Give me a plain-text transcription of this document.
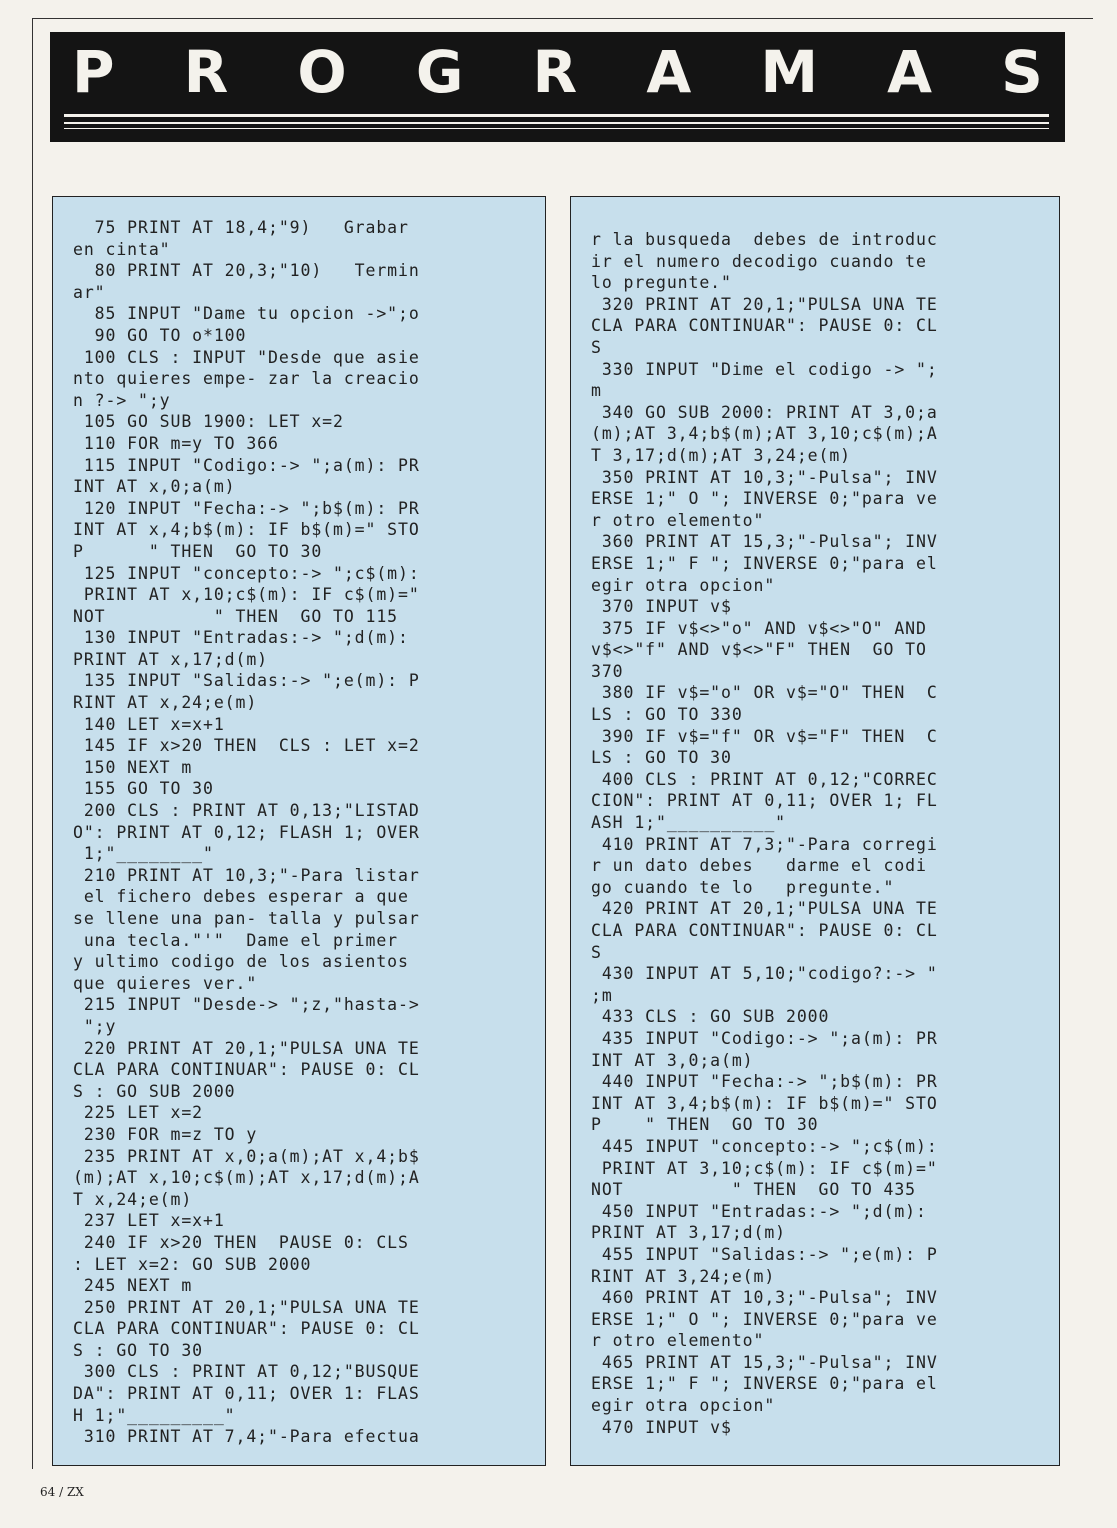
P R O G R A M A S
75 PRINT AT 18,4;"9)   Grabar
en cinta"
80 PRINT AT 20,3;"10)   Termin
ar"
85 INPUT "Dame tu opcion ->";o
90 GO TO o*100
100 CLS : INPUT "Desde que asie
nto quieres empe- zar la creacio
n ?-> ";y
105 GO SUB 1900: LET x=2
110 FOR m=y TO 366
115 INPUT "Codigo:-> ";a(m): PR
INT AT x,0;a(m)
120 INPUT "Fecha:-> ";b$(m): PR
INT AT x,4;b$(m): IF b$(m)=" STO
P      " THEN  GO TO 30
125 INPUT "concepto:-> ";c$(m):
PRINT AT x,10;c$(m): IF c$(m)="
NOT          " THEN  GO TO 115
130 INPUT "Entradas:-> ";d(m):
PRINT AT x,17;d(m)
135 INPUT "Salidas:-> ";e(m): P
RINT AT x,24;e(m)
140 LET x=x+1
145 IF x>20 THEN  CLS : LET x=2
150 NEXT m
155 GO TO 30
200 CLS : PRINT AT 0,13;"LISTAD
O": PRINT AT 0,12; FLASH 1; OVER
1;"________"
210 PRINT AT 10,3;"-Para listar
el fichero debes esperar a que
se llene una pan- talla y pulsar
una tecla."'"  Dame el primer
y ultimo codigo de los asientos
que quieres ver."
215 INPUT "Desde-> ";z,"hasta->
";y
220 PRINT AT 20,1;"PULSA UNA TE
CLA PARA CONTINUAR": PAUSE 0: CL
S : GO SUB 2000
225 LET x=2
230 FOR m=z TO y
235 PRINT AT x,0;a(m);AT x,4;b$
(m);AT x,10;c$(m);AT x,17;d(m);A
T x,24;e(m)
237 LET x=x+1
240 IF x>20 THEN  PAUSE 0: CLS
: LET x=2: GO SUB 2000
245 NEXT m
250 PRINT AT 20,1;"PULSA UNA TE
CLA PARA CONTINUAR": PAUSE 0: CL
S : GO TO 30
300 CLS : PRINT AT 0,12;"BUSQUE
DA": PRINT AT 0,11; OVER 1: FLAS
H 1;"_________"
310 PRINT AT 7,4;"-Para efectua
r la busqueda  debes de introduc
ir el numero decodigo cuando te
lo pregunte."
320 PRINT AT 20,1;"PULSA UNA TE
CLA PARA CONTINUAR": PAUSE 0: CL
S
330 INPUT "Dime el codigo -> ";
m
340 GO SUB 2000: PRINT AT 3,0;a
(m);AT 3,4;b$(m);AT 3,10;c$(m);A
T 3,17;d(m);AT 3,24;e(m)
350 PRINT AT 10,3;"-Pulsa"; INV
ERSE 1;" O "; INVERSE 0;"para ve
r otro elemento"
360 PRINT AT 15,3;"-Pulsa"; INV
ERSE 1;" F "; INVERSE 0;"para el
egir otra opcion"
370 INPUT v$
375 IF v$<>"o" AND v$<>"O" AND
v$<>"f" AND v$<>"F" THEN  GO TO
370
380 IF v$="o" OR v$="O" THEN  C
LS : GO TO 330
390 IF v$="f" OR v$="F" THEN  C
LS : GO TO 30
400 CLS : PRINT AT 0,12;"CORREC
CION": PRINT AT 0,11; OVER 1; FL
ASH 1;"__________"
410 PRINT AT 7,3;"-Para corregi
r un dato debes   darme el codi
go cuando te lo   pregunte."
420 PRINT AT 20,1;"PULSA UNA TE
CLA PARA CONTINUAR": PAUSE 0: CL
S
430 INPUT AT 5,10;"codigo?:-> "
;m
433 CLS : GO SUB 2000
435 INPUT "Codigo:-> ";a(m): PR
INT AT 3,0;a(m)
440 INPUT "Fecha:-> ";b$(m): PR
INT AT 3,4;b$(m): IF b$(m)=" STO
P    " THEN  GO TO 30
445 INPUT "concepto:-> ";c$(m):
PRINT AT 3,10;c$(m): IF c$(m)="
NOT          " THEN  GO TO 435
450 INPUT "Entradas:-> ";d(m):
PRINT AT 3,17;d(m)
455 INPUT "Salidas:-> ";e(m): P
RINT AT 3,24;e(m)
460 PRINT AT 10,3;"-Pulsa"; INV
ERSE 1;" O "; INVERSE 0;"para ve
r otro elemento"
465 PRINT AT 15,3;"-Pulsa"; INV
ERSE 1;" F "; INVERSE 0;"para el
egir otra opcion"
470 INPUT v$
64 / ZX
